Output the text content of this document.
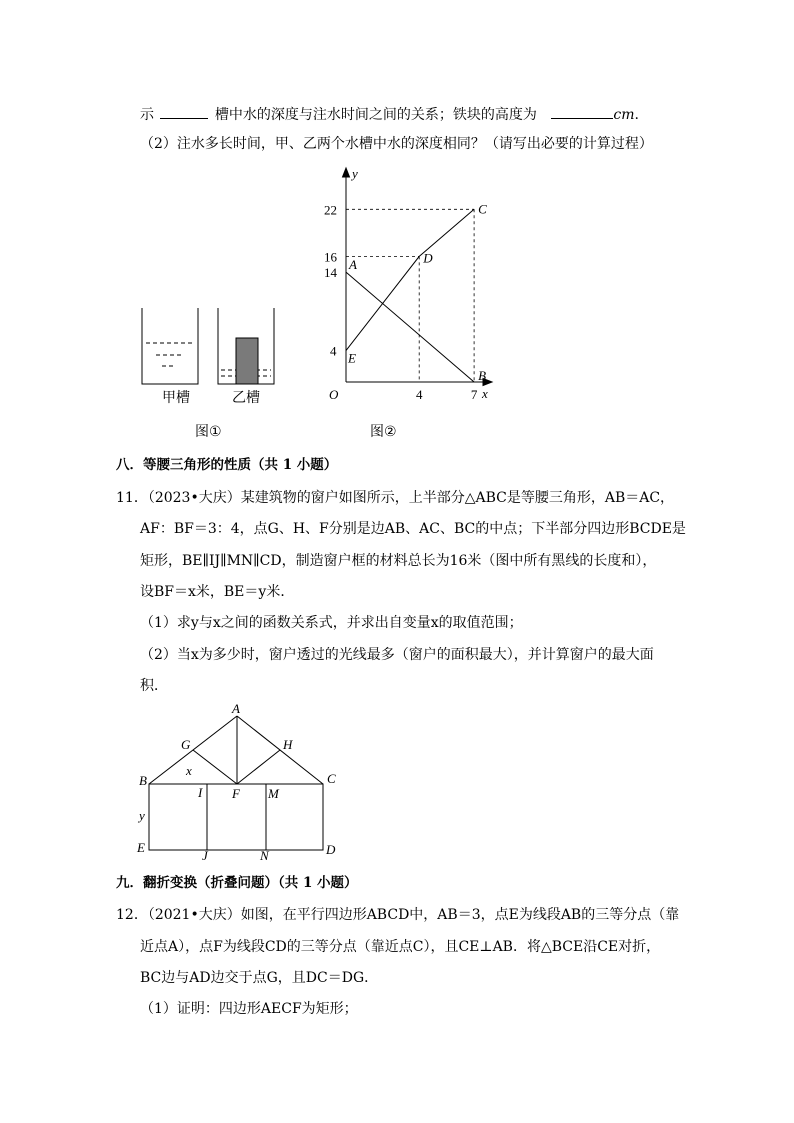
示	槽中水的深度与注水时间之间的关系；铁块的高度为	cm.
（2）注水多长时间，甲、乙两个水槽中水的深度相同？（请写出必要的计算过程）
甲槽	乙槽
图①
y
x
O
22
16
14
4
4	7
A
B
C
D
E
图②
八．等腰三角形的性质（共 1 小题）
11．（2023•大庆）某建筑物的窗户如图所示，上半部分△ABC是等腰三角形，AB＝AC，
AF：BF＝3：4，点G、H、F分别是边AB、AC、BC的中点；下半部分四边形BCDE是
矩形，BE∥IJ∥MN∥CD，制造窗户框的材料总长为16米（图中所有黑线的长度和），
设BF＝x米，BE＝y米．
（1）求y与x之间的函数关系式，并求出自变量x的取值范围；
（2）当x为多少时，窗户透过的光线最多（窗户的面积最大），并计算窗户的最大面
积．
A
G	H
B	C
x
I F M
y
E
J	N	D
九．翻折变换（折叠问题）（共 1 小题）
12．（2021•大庆）如图，在平行四边形ABCD中，AB＝3，点E为线段AB的三等分点（靠
近点A），点F为线段CD的三等分点（靠近点C），且CE⊥AB．将△BCE沿CE对折，
BC边与AD边交于点G，且DC＝DG．
（1）证明：四边形AECF为矩形；
